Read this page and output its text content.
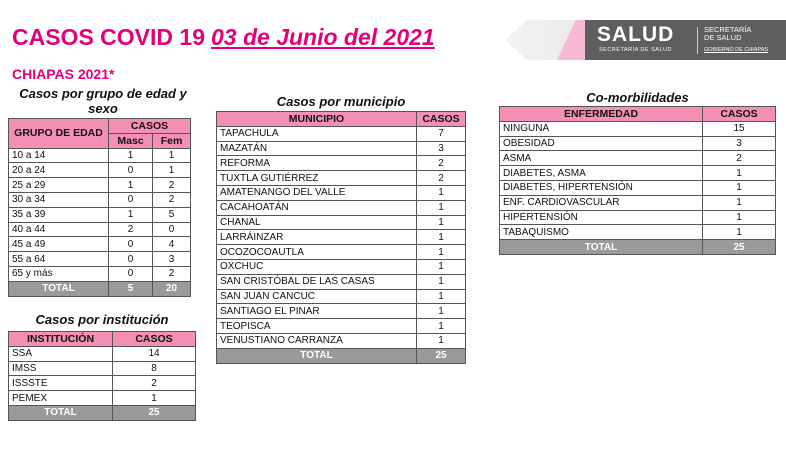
CASOS COVID 19 03 de Junio del 2021	SALUD
SECRETARÍA DE SALUD
SECRETARÍA
DE SALUD
GOBIERNO DE CHIAPAS
CHIAPAS 2021*
Casos por grupo de edad y sexo
GRUPO DE EDAD	CASOS	
	Masc	Fem
10 a 14	1	1
20 a 24	0	1
25 a 29	1	2
30 a 34	0	2
35 a 39	1	5
40 a 44	2	0
45 a 49	0	4
55 a 64	0	3
65 y más	0	2
TOTAL	5	20
Casos por institución
INSTITUCIÓN	CASOS
SSA	14
IMSS	8
ISSSTE	2
PEMEX	1
TOTAL	25
Casos por municipio
MUNICIPIO	CASOS
TAPACHULA	7
MAZATÁN	3
REFORMA	2
TUXTLA GUTIÉRREZ	2
AMATENANGO DEL VALLE	1
CACAHOATÁN	1
CHANAL	1
LARRÁINZAR	1
OCOZOCOAUTLA	1
OXCHUC	1
SAN CRISTÓBAL DE LAS CASAS	1
SAN JUAN CANCUC	1
SANTIAGO EL PINAR	1
TEOPISCA	1
VENUSTIANO CARRANZA	1
TOTAL	25
Co-morbilidades
ENFERMEDAD	CASOS
NINGUNA	15
OBESIDAD	3
ASMA	2
DIABETES, ASMA	1
DIABETES, HIPERTENSIÓN	1
ENF. CARDIOVASCULAR	1
HIPERTENSIÓN	1
TABAQUISMO	1
TOTAL	25
